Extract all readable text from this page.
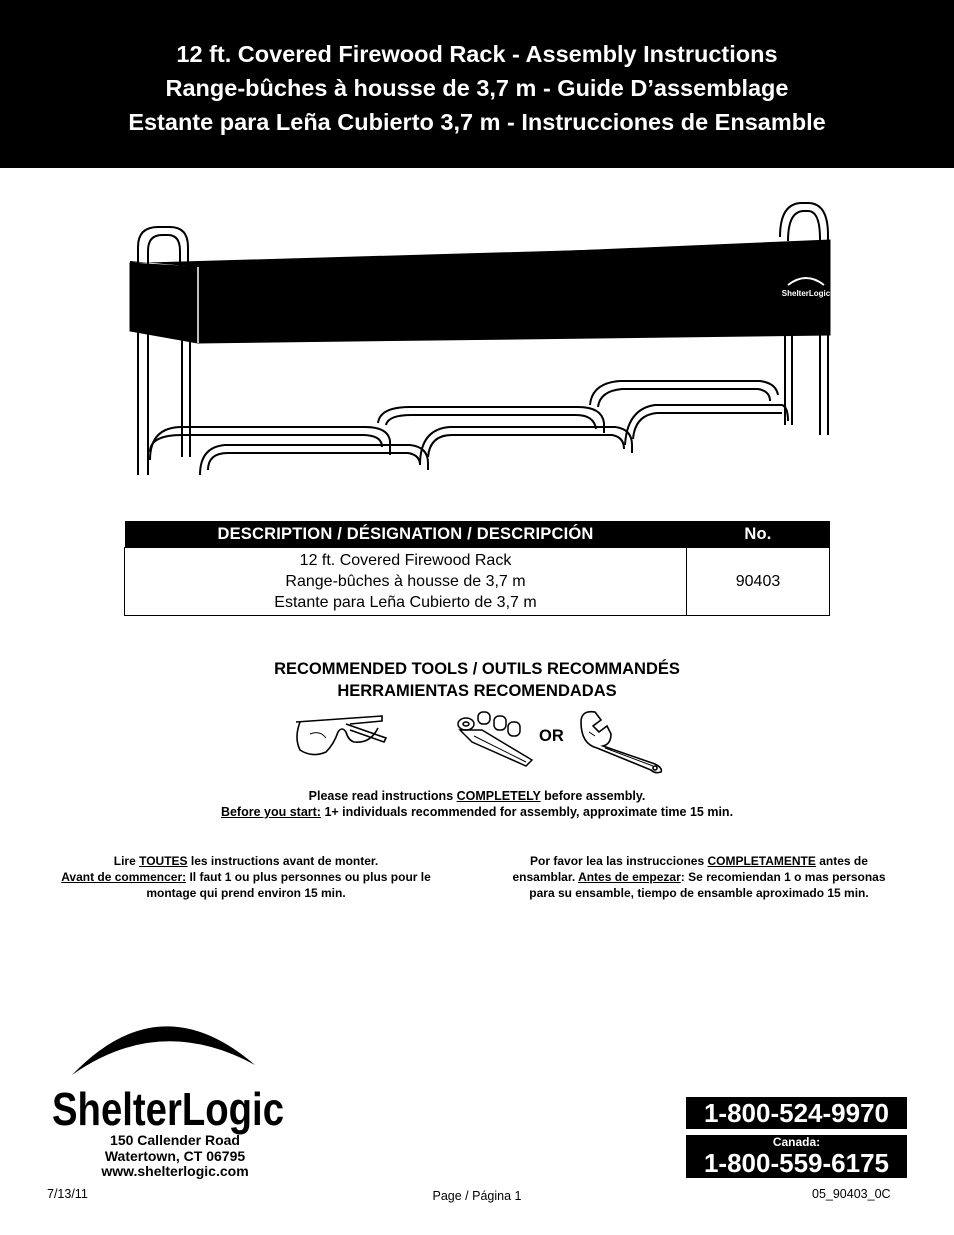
12 ft. Covered Firewood Rack - Assembly Instructions
Range-bûches à housse de 3,7 m - Guide D’assemblage
Estante para Leña Cubierto 3,7 m - Instrucciones de Ensamble
ShelterLogic
DESCRIPTION / DÉSIGNATION / DESCRIPCIÓN	No.

12 ft. Covered Firewood Rack
Range-bûches à housse de 3,7 m
Estante para Leña Cubierto de 3,7 m	90403
RECOMMENDED TOOLS / OUTILS RECOMMANDÉS
HERRAMIENTAS RECOMENDADAS
OR
Please read instructions COMPLETELY before assembly.
Before you start: 1+ individuals recommended for assembly, approximate time 15 min.
Lire TOUTES les instructions avant de monter.
Avant de commencer: Il faut 1 ou plus personnes ou plus pour le
montage qui prend environ 15 min.
Por favor lea las instrucciones COMPLETAMENTE antes de
ensamblar. Antes de empezar: Se recomiendan 1 o mas personas
para su ensamble, tiempo de ensamble aproximado 15 min.
ShelterLogic
150 Callender Road
Watertown, CT 06795
www.shelterlogic.com
1-800-524-9970
Canada:
1-800-559-6175
7/13/11	Page / Página 1	05_90403_0C
